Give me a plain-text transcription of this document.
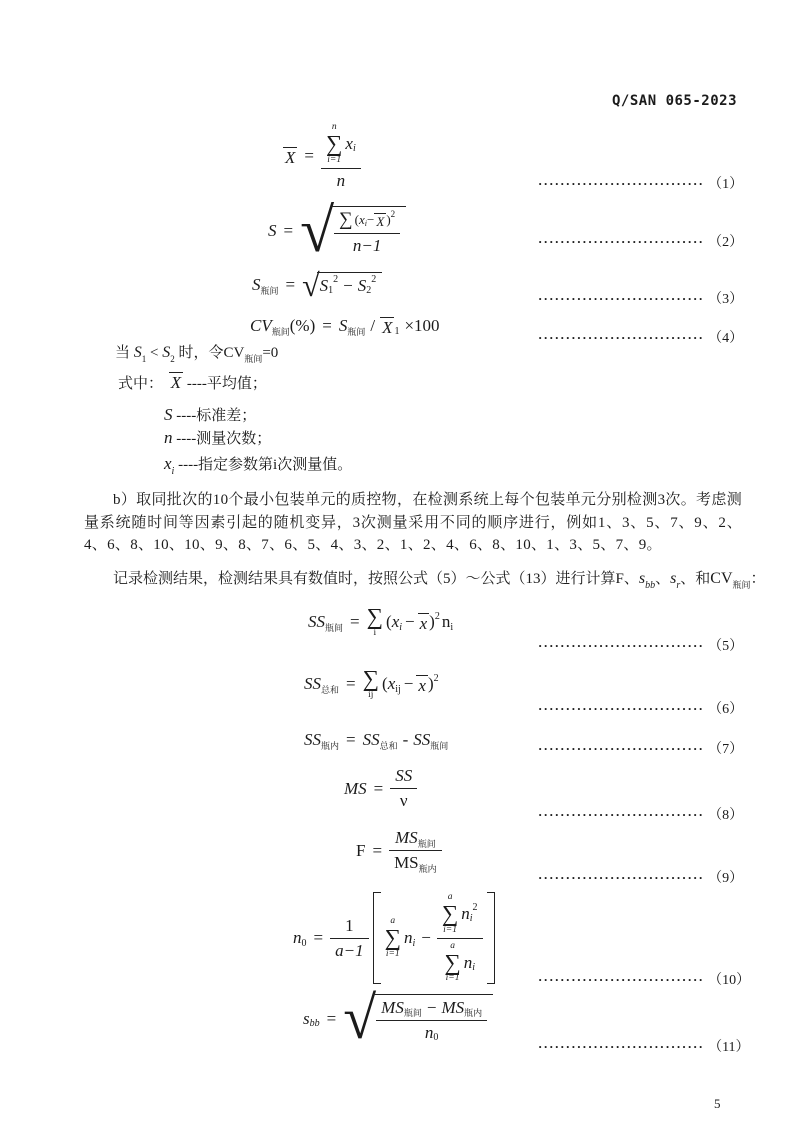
Q/SAN 065-2023
X = n
∑
i=1
x i
n	······························ （1）
S = √ $\frac{\text{∑ ( x i − X ) 2}}{n-1}$	······························ （2）
S 瓶间 = √ S 1
2 − S 2
2
······························ （3）
CV 瓶间 (%) = S 瓶间 / X 1 ×100
······························ （4）
当 $S_1 < S_2$ 时，令$CV_{瓶间}=0$
式中： X ----平均值；
S ----标准差；
n ----测量次数；
$x_i$ ----指定参数第i次测量值。
b）取同批次的10个最小包装单元的质控物，在检测系统上每个包装单元分别检测3次。考虑测量系统随时间等因素引起的随机变异，3次测量采用不同的顺序进行，例如1、3、5、7、9、2、4、6、8、10、10、9、8、7、6、5、4、3、2、1、2、4、6、8、10、1、3、5、7、9。
记录检测结果，检测结果具有数值时，按照公式（5）～公式（13）进行计算F、$s_{bb}$、$s_r$、和$CV_{瓶间}$：
SS 瓶间 = ∑
i
( x i − x ) 2 n i
······························ （5）
SS 总和 = ∑
ij
( x ij − x ) 2
······························ （6）
SS 瓶内 = SS 总和 - SS 瓶间	······························ （7）
MS = $\frac{SS}{\nu}$
······························ （8）
$F = \frac{\text{MS 瓶间}}{\text{MS 瓶内}}$
······························ （9）
n $0 = \frac{1}{a-1}$ a
∑
i=1
n i − a
∑
i=1
n i
2
a
∑
i=1
n i	······························ （10）
s bb = √ $\frac{\text{MS 瓶间 − MS 瓶内}}{n 0}$
······························ （11）
5
